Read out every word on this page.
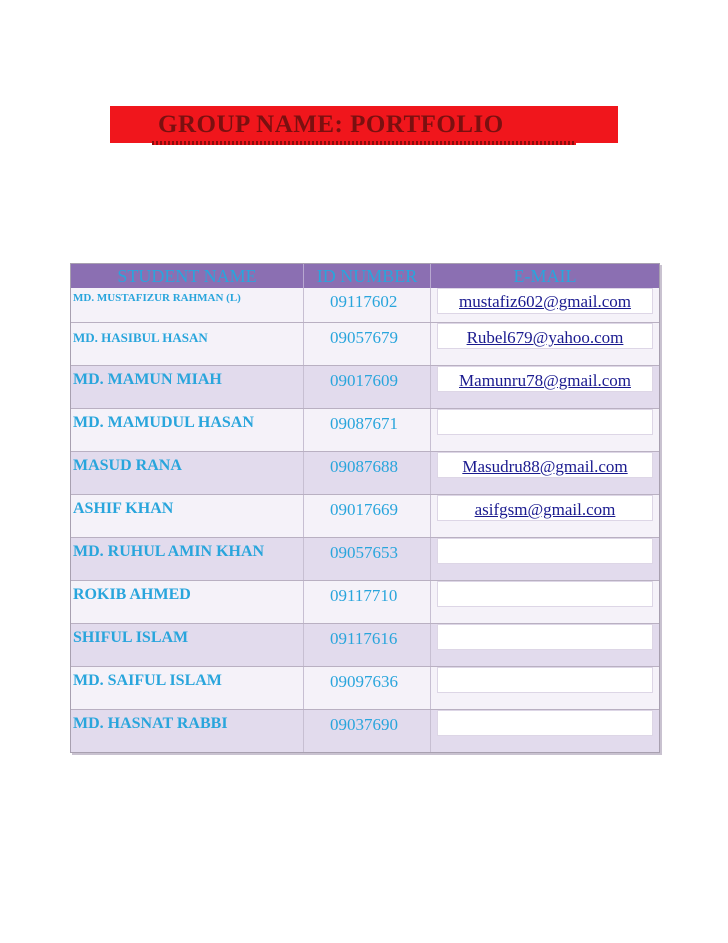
GROUP NAME: PORTFOLIO
STUDENT NAME	ID NUMBER	E-MAIL
MD. MUSTAFIZUR RAHMAN (L)	09117602	mustafiz602@gmail.com
MD. HASIBUL HASAN	09057679	Rubel679@yahoo.com
MD. MAMUN MIAH	09017609	Mamunru78@gmail.com
MD. MAMUDUL HASAN	09087671
MASUD RANA	09087688	Masudru88@gmail.com
ASHIF KHAN	09017669	asifgsm@gmail.com
MD. RUHUL AMIN KHAN	09057653
ROKIB AHMED	09117710
SHIFUL ISLAM	09117616
MD. SAIFUL ISLAM	09097636
MD. HASNAT RABBI	09037690
